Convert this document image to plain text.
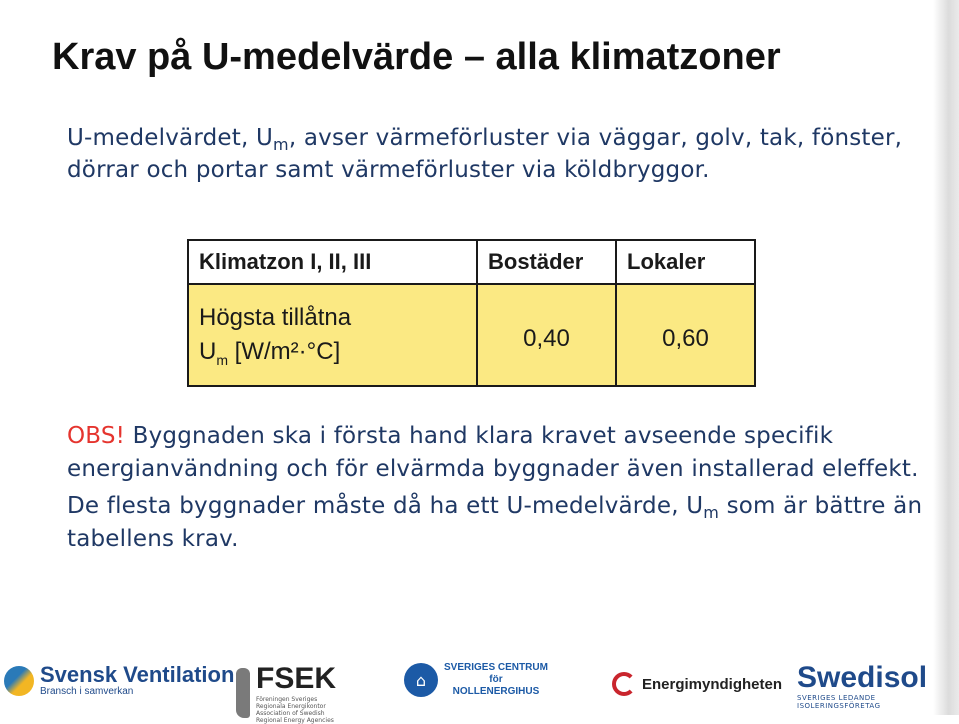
Krav på U-medelvärde – alla klimatzoner
U-medelvärdet, $U_m$, avser värmeförluster via väggar, golv, tak, fönster, dörrar och portar samt värmeförluster via köldbryggor.
Klimatzon I, II, III	Bostäder	Lokaler

Högsta tillåtna
$U_m$ [W/m²·°C]	0,40	0,60

OBS! Byggnaden ska i första hand klara kravet avseende specifik energianvändning och för elvärmda byggnader även installerad eleffekt.

De flesta byggnader måste då ha ett U-medelvärde, $U_m$ som är bättre än tabellens krav.

Svensk Ventilation
Bransch i samverkan	FSEK
Föreningen Sveriges Regionala Energikontor Association of Swedish Regional Energy Agencies
⌂
SVERIGES CENTRUM
för
NOLLENERGIHUS	Energimyndigheten Swedisol
SVERIGES LEDANDE ISOLERINGSFÖRETAG
